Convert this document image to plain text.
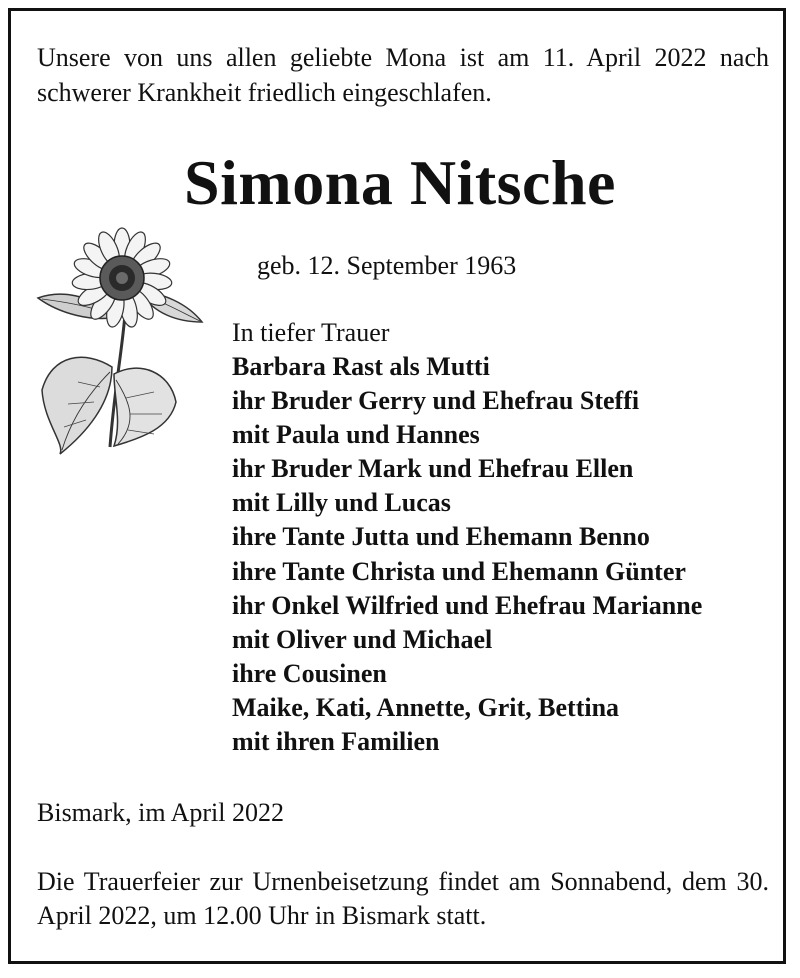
Unsere von uns allen geliebte Mona ist am 11. April 2022 nach schwerer Krankheit friedlich eingeschlafen.
Simona Nitsche
geb. 12. September 1963
In tiefer Trauer
Barbara Rast als Mutti
ihr Bruder Gerry und Ehefrau Steffi
mit Paula und Hannes
ihr Bruder Mark und Ehefrau Ellen
mit Lilly und Lucas
ihre Tante Jutta und Ehemann Benno
ihre Tante Christa und Ehemann Günter
ihr Onkel Wilfried und Ehefrau Marianne
mit Oliver und Michael
ihre Cousinen
Maike, Kati, Annette, Grit, Bettina
mit ihren Familien
Bismark, im April 2022
Die Trauerfeier zur Urnenbeisetzung findet am Sonnabend, dem 30. April 2022, um 12.00 Uhr in Bismark statt.
